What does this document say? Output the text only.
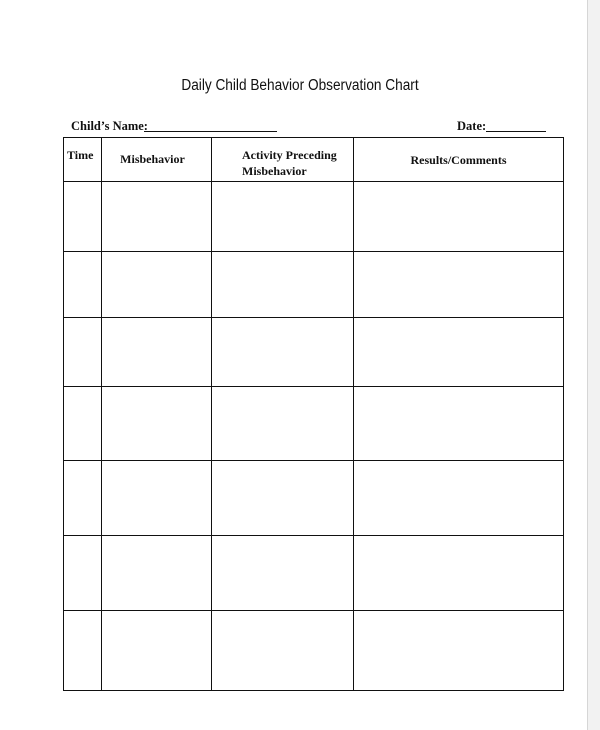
Daily Child Behavior Observation Chart
Child’s Name:	Date:
Time	Misbehavior	Activity Preceding Misbehavior	Results/Comments
